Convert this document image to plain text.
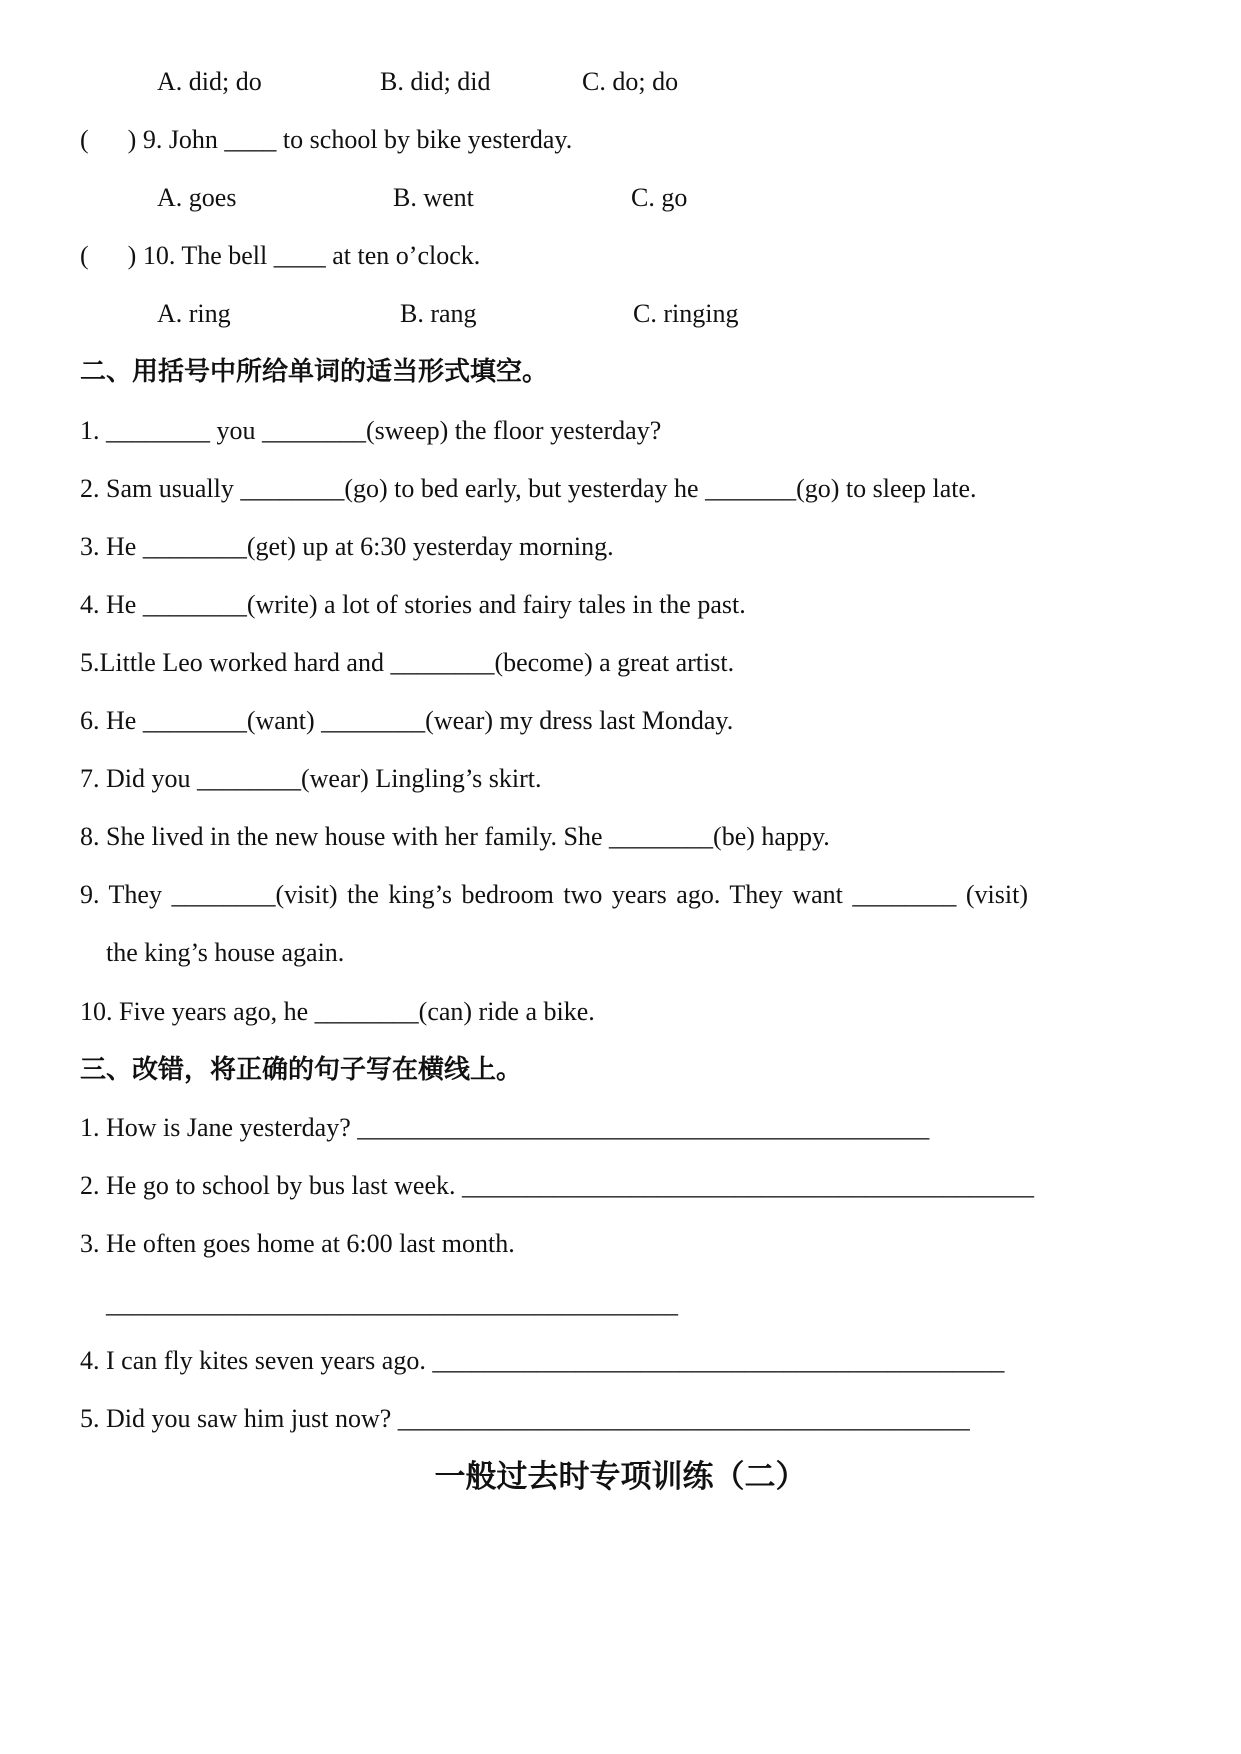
A. did; do	B. did; did	C. do; do
(      ) 9. John ____ to school by bike yesterday.
A. goes	B. went	C. go
(      ) 10. The bell ____ at ten o’clock.
A. ring	B. rang	C. ringing
二、用括号中所给单词的适当形式填空。
1. ________ you ________(sweep) the floor yesterday?
2. Sam usually ________(go) to bed early, but yesterday he _______(go) to sleep late.
3. He ________(get) up at 6:30 yesterday morning.
4. He ________(write) a lot of stories and fairy tales in the past.
5.Little Leo worked hard and ________(become) a great artist.
6. He ________(want) ________(wear) my dress last Monday.
7. Did you ________(wear) Lingling’s skirt.
8. She lived in the new house with her family. She ________(be) happy.
9. They ________(visit) the king’s bedroom two years ago. They want ________ (visit)
the king’s house again.
10. Five years ago, he ________(can) ride a bike.
三、改错，将正确的句子写在横线上。
1. How is Jane yesterday? ____________________________________________
2. He go to school by bus last week. ____________________________________________
3. He often goes home at 6:00 last month.
____________________________________________
4. I can fly kites seven years ago. ____________________________________________
5. Did you saw him just now? ____________________________________________
一般过去时专项训练（二）
